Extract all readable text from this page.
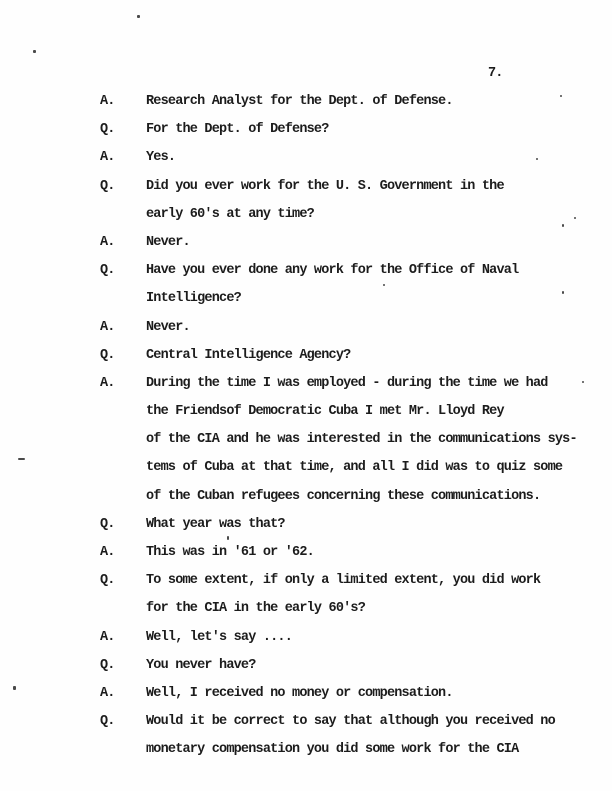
7.
A.	Research Analyst for the Dept. of Defense.
Q.	For the Dept. of Defense?
A.	Yes.
Q.	Did you ever work for the U. S. Government in the
early 60's at any time?
A.	Never.
Q.	Have you ever done any work for the Office of Naval
Intelligence?
A.	Never.
Q.	Central Intelligence Agency?
A.	During the time I was employed - during the time we had
the Friendsof Democratic Cuba I met Mr. Lloyd Rey
of the CIA and he was interested in the communications sys-
tems of Cuba at that time, and all I did was to quiz some
of the Cuban refugees concerning these communications.
Q.	What year was that?
A.	This was in '61 or '62.
Q.	To some extent, if only a limited extent, you did work
for the CIA in the early 60's?
A.	Well, let's say ....
Q.	You never have?
A.	Well, I received no money or compensation.
Q.	Would it be correct to say that although you received no
monetary compensation you did some work for the CIA
